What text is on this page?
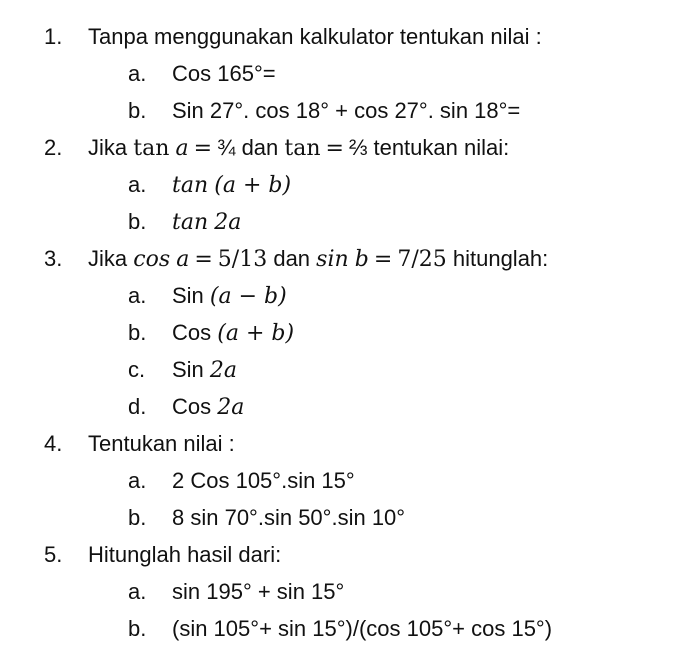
1. Tanpa menggunakan kalkulator tentukan nilai :
a. Cos 165°=
b. Sin 27°. cos 18° + cos 27°. sin 18°=
2. Jika tan a = ¾ dan tan = ⅔ tentukan nilai:
a. tan (a + b)
b. tan 2a
3. Jika cos a = 5/13 dan sin b = 7/25 hitunglah:
a. Sin (a − b)
b. Cos (a + b)
c. Sin 2a
d. Cos 2a
4. Tentukan nilai :
a. 2 Cos 105°.sin 15°
b. 8 sin 70°.sin 50°.sin 10°
5. Hitunglah hasil dari:
a. sin 195° + sin 15°
b. (sin 105°+ sin 15°)/(cos 105°+ cos 15°)
